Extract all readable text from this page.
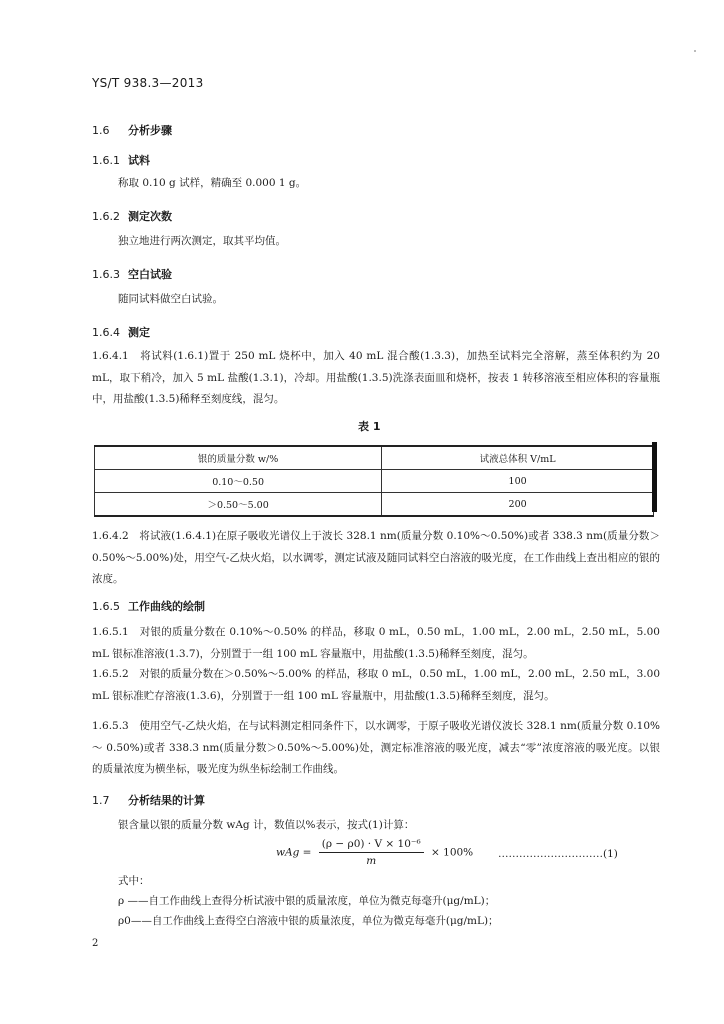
YS/T 938.3—2013
1.6 分析步骤
1.6.1 试料
称取 0.10 g 试样，精确至 0.000 1 g。
1.6.2 测定次数
独立地进行两次测定，取其平均值。
1.6.3 空白试验
随同试料做空白试验。
1.6.4 测定
1.6.4.1　将试料(1.6.1)置于 250 mL 烧杯中，加入 40 mL 混合酸(1.3.3)，加热至试料完全溶解，蒸至体积约为 20 mL，取下稍冷，加入 5 mL 盐酸(1.3.1)，冷却。用盐酸(1.3.5)洗涤表面皿和烧杯，按表 1 转移溶液至相应体积的容量瓶中，用盐酸(1.3.5)稀释至刻度线，混匀。
表 1
银的质量分数 w/%	试液总体积 V/mL
0.10～0.50	100
＞0.50～5.00	200
1.6.4.2　将试液(1.6.4.1)在原子吸收光谱仪上于波长 328.1 nm(质量分数 0.10%～0.50%)或者 338.3 nm(质量分数＞0.50%～5.00%)处，用空气-乙炔火焰，以水调零，测定试液及随同试料空白溶液的吸光度，在工作曲线上查出相应的银的浓度。
1.6.5 工作曲线的绘制
1.6.5.1　对银的质量分数在 0.10%～0.50% 的样品，移取 0 mL，0.50 mL，1.00 mL，2.00 mL，2.50 mL，5.00 mL 银标准溶液(1.3.7)，分别置于一组 100 mL 容量瓶中，用盐酸(1.3.5)稀释至刻度，混匀。
1.6.5.2　对银的质量分数在＞0.50%～5.00% 的样品，移取 0 mL，0.50 mL，1.00 mL，2.00 mL，2.50 mL，3.00 mL 银标准贮存溶液(1.3.6)，分别置于一组 100 mL 容量瓶中，用盐酸(1.3.5)稀释至刻度，混匀。
1.6.5.3　使用空气-乙炔火焰，在与试料测定相同条件下，以水调零，于原子吸收光谱仪波长 328.1 nm(质量分数 0.10% ～ 0.50%)或者 338.3 nm(质量分数＞0.50%～5.00%)处，测定标准溶液的吸光度，减去“零”浓度溶液的吸光度。以银的质量浓度为横坐标，吸光度为纵坐标绘制工作曲线。
1.7 分析结果的计算
银含量以银的质量分数 wAg 计，数值以%表示，按式(1)计算：
wAg = $\frac{\text{(ρ − ρ0) · V × 10⁻⁶}}{m} \times 100\%$ …………………………(1)
式中：
ρ ——自工作曲线上查得分析试液中银的质量浓度，单位为微克每毫升(μg/mL)；
ρ0——自工作曲线上查得空白溶液中银的质量浓度，单位为微克每毫升(μg/mL)；
2
